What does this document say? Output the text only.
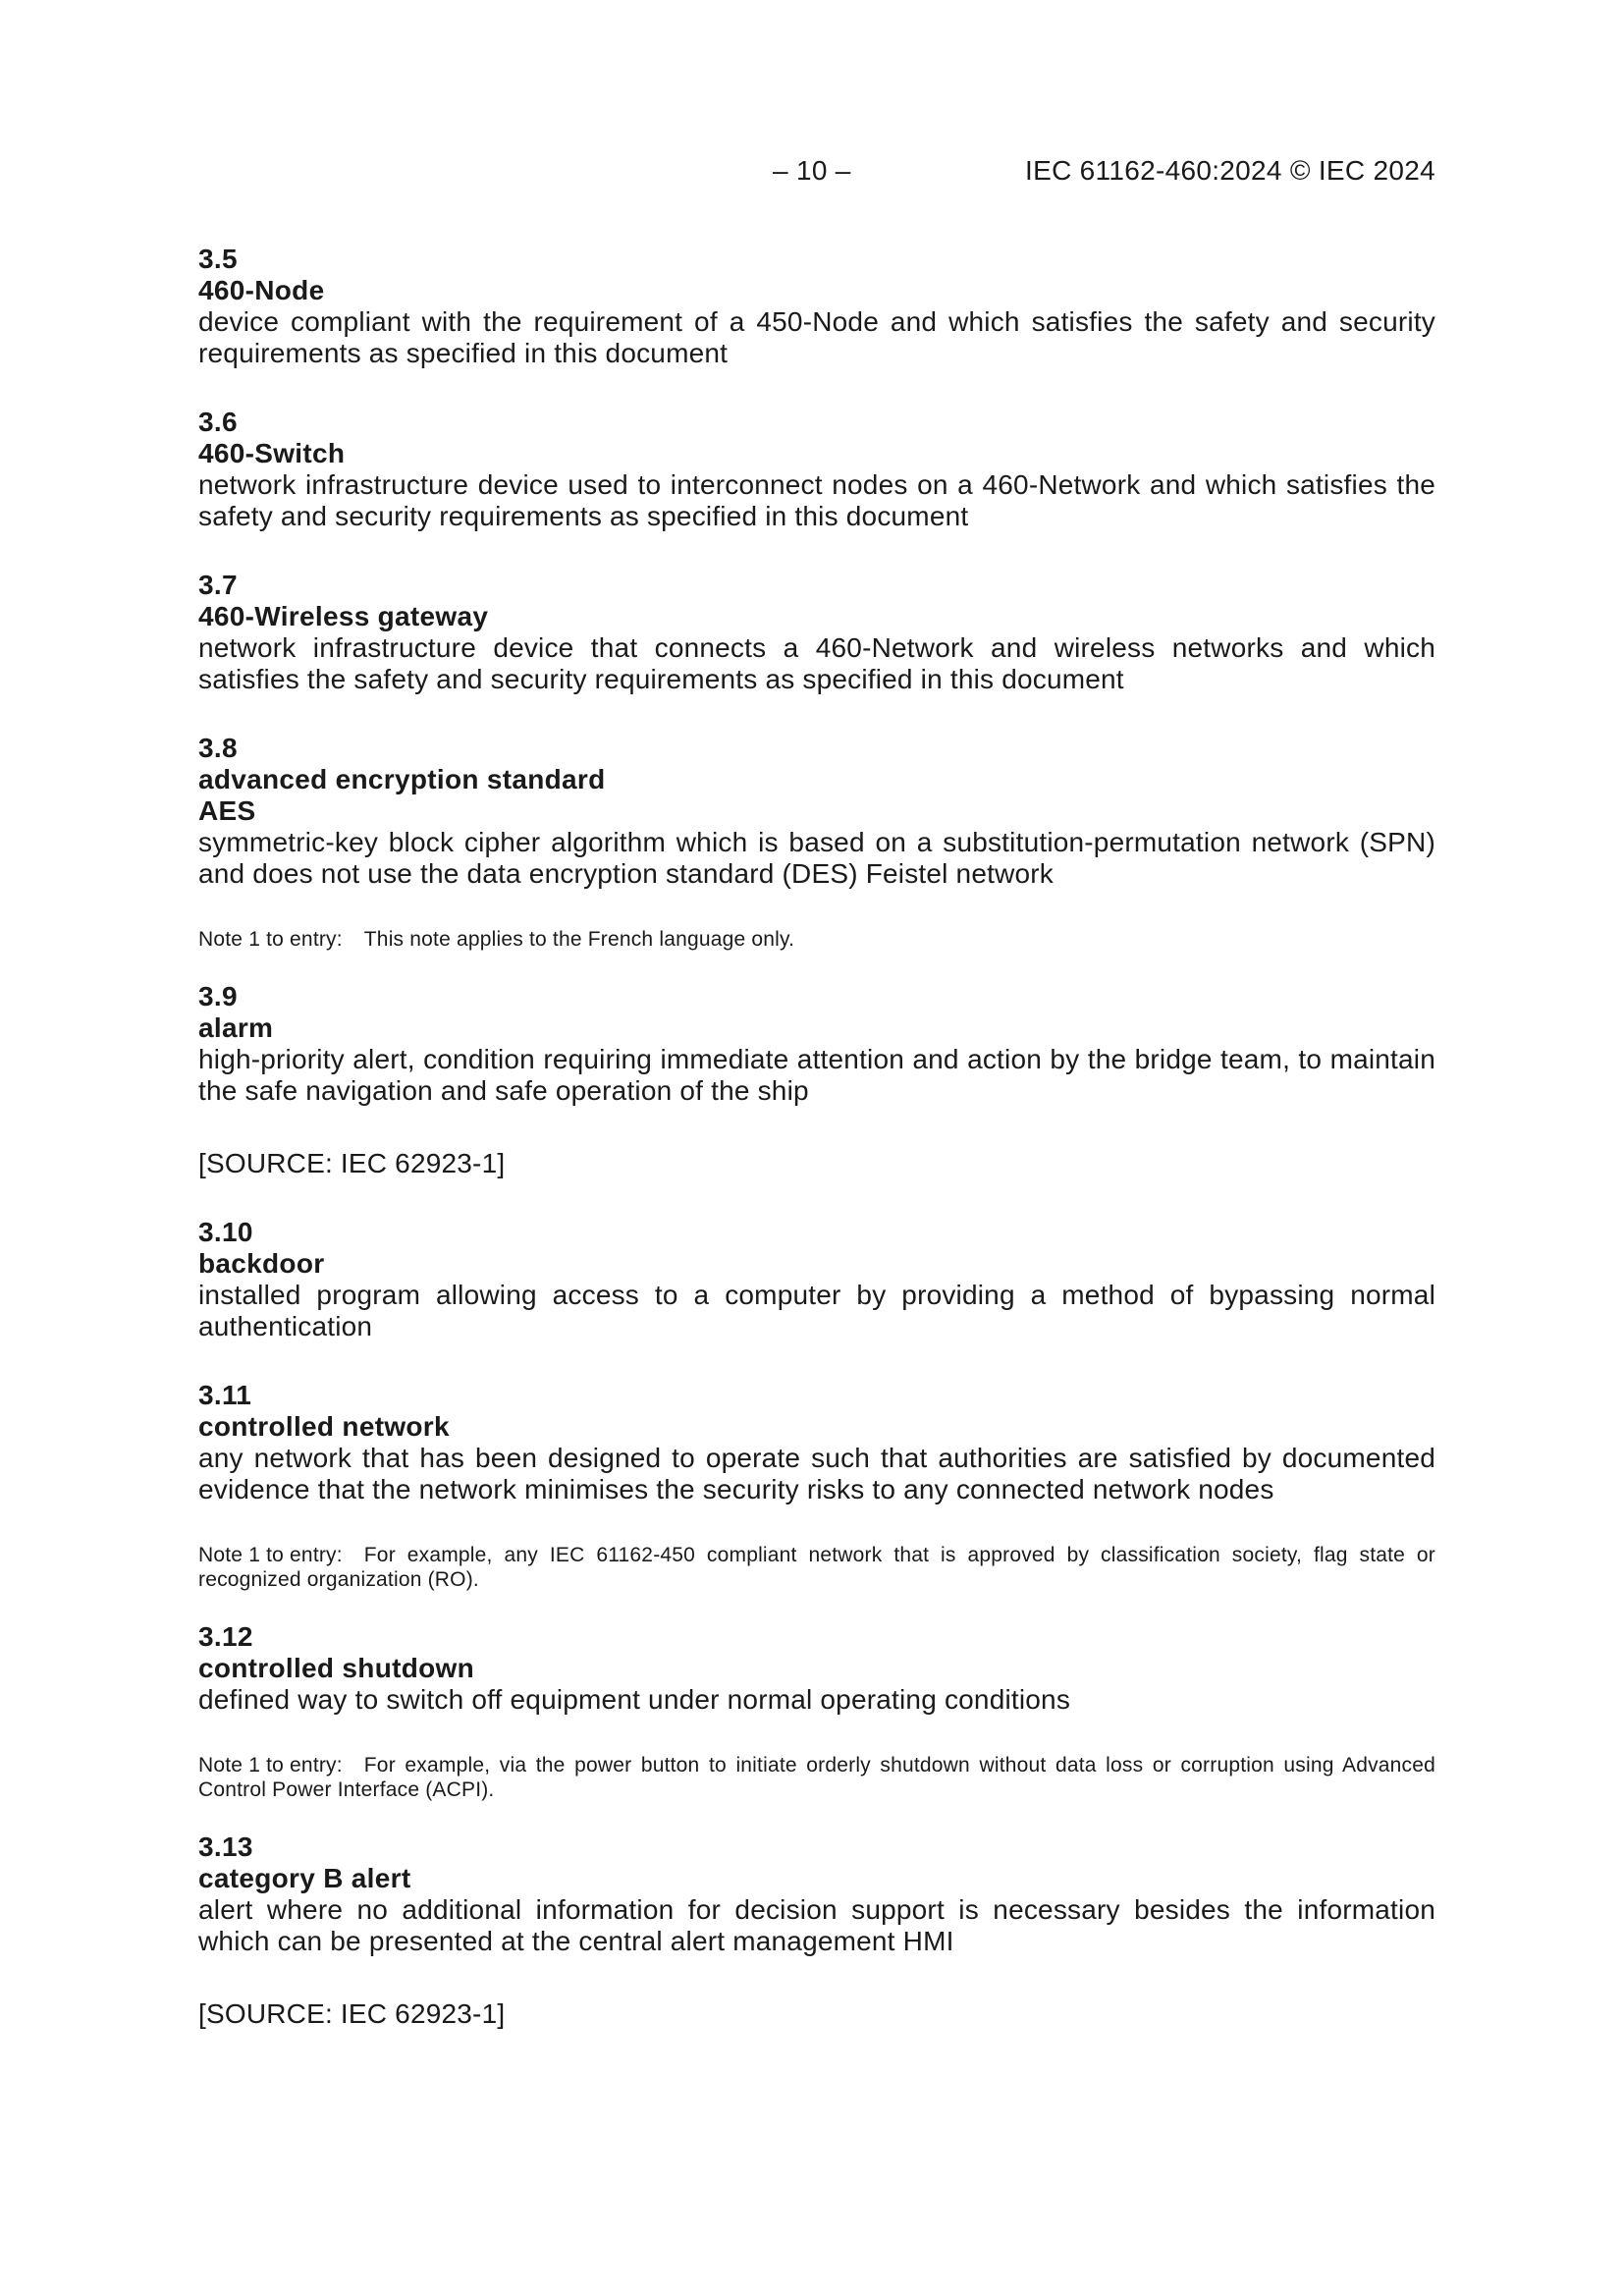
– 10 –	IEC 61162-460:2024 © IEC 2024
3.5
460-Node
device compliant with the requirement of a 450-Node and which satisfies the safety and security requirements as specified in this document
3.6
460-Switch
network infrastructure device used to interconnect nodes on a 460-Network and which satisfies the safety and security requirements as specified in this document
3.7
460-Wireless gateway
network infrastructure device that connects a 460-Network and wireless networks and which satisfies the safety and security requirements as specified in this document
3.8
advanced encryption standard
AES
symmetric-key block cipher algorithm which is based on a substitution-permutation network (SPN) and does not use the data encryption standard (DES) Feistel network
Note 1 to entry: This note applies to the French language only.
3.9
alarm
high-priority alert, condition requiring immediate attention and action by the bridge team, to maintain the safe navigation and safe operation of the ship
[SOURCE: IEC 62923-1]
3.10
backdoor
installed program allowing access to a computer by providing a method of bypassing normal authentication
3.11
controlled network
any network that has been designed to operate such that authorities are satisfied by documented evidence that the network minimises the security risks to any connected network nodes
Note 1 to entry: For example, any IEC 61162-450 compliant network that is approved by classification society, flag state or recognized organization (RO).
3.12
controlled shutdown
defined way to switch off equipment under normal operating conditions
Note 1 to entry: For example, via the power button to initiate orderly shutdown without data loss or corruption using Advanced Control Power Interface (ACPI).
3.13
category B alert
alert where no additional information for decision support is necessary besides the information which can be presented at the central alert management HMI
[SOURCE: IEC 62923-1]
